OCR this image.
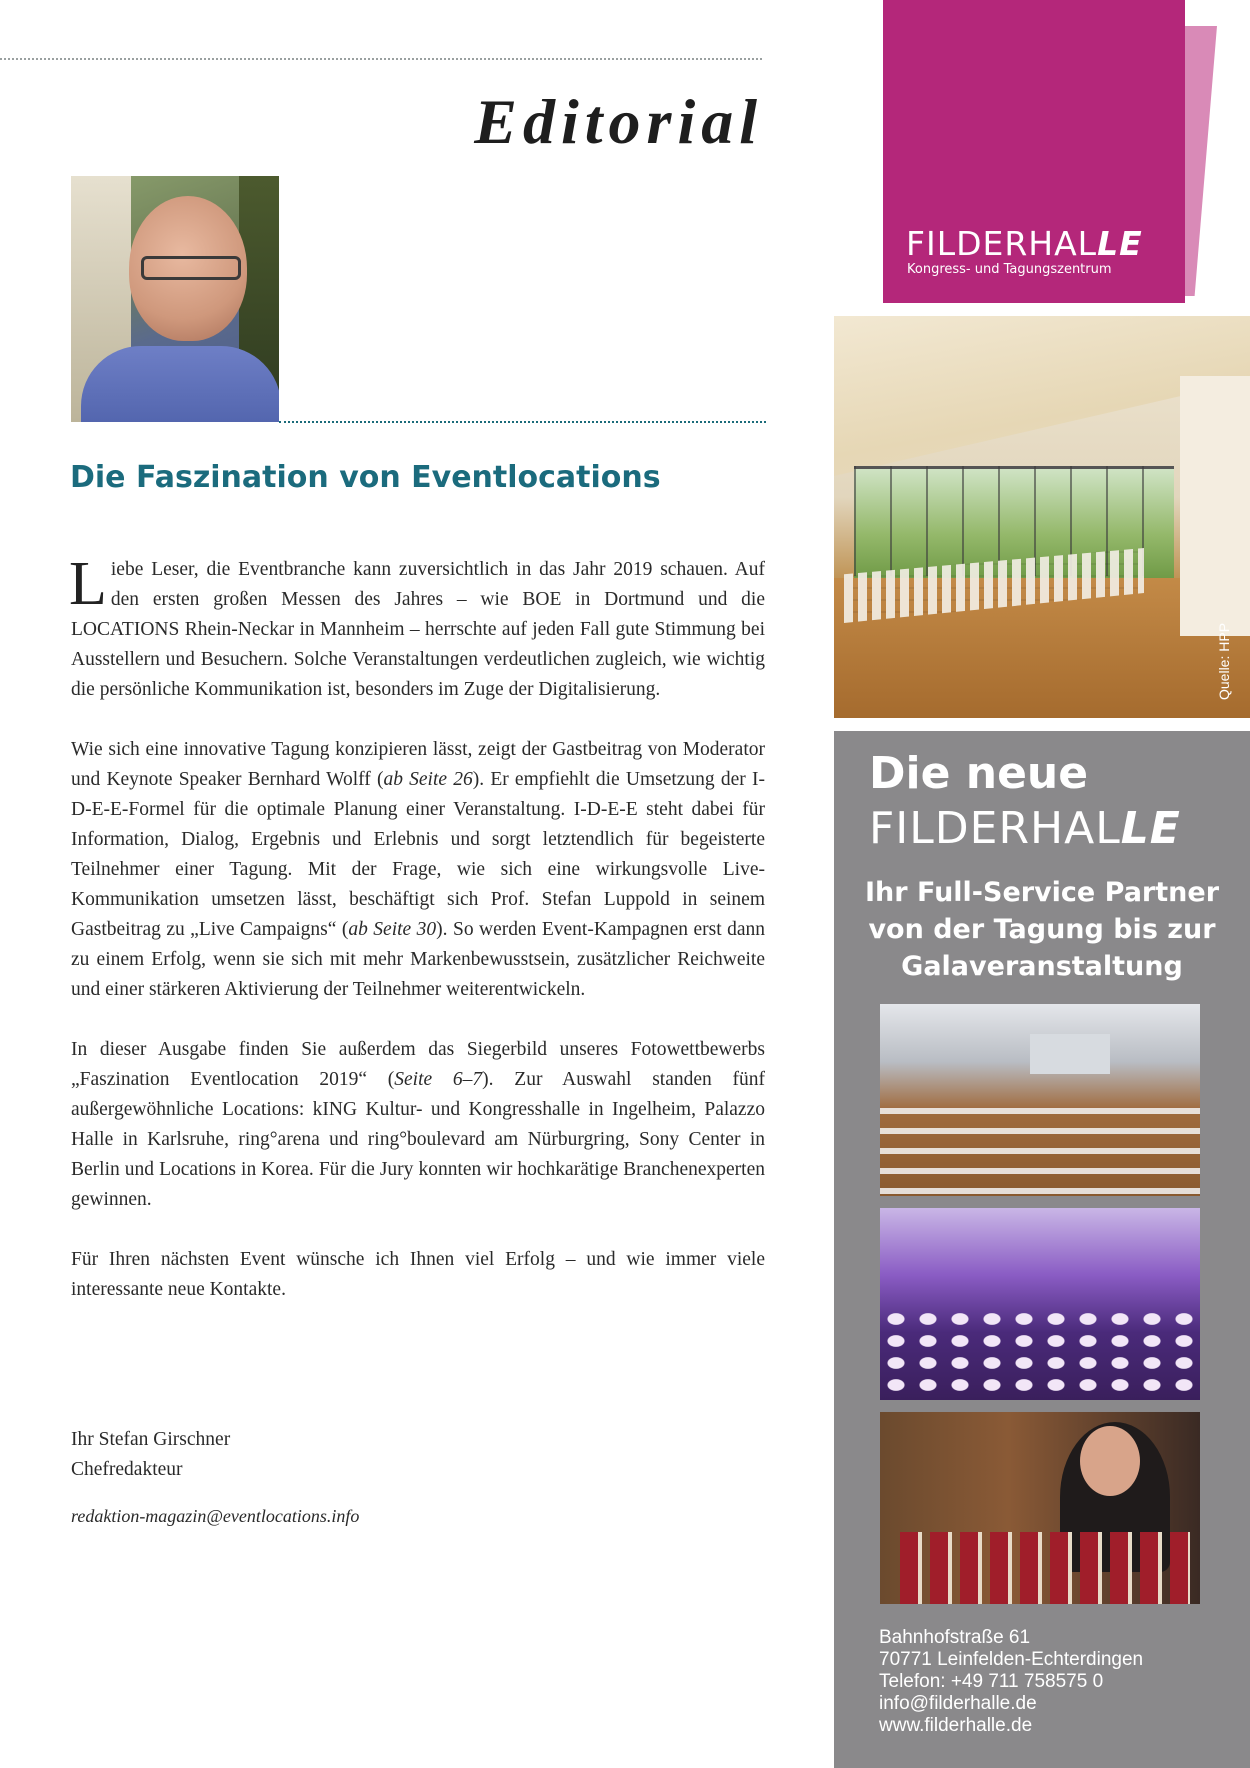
Editorial
Die Faszination von Eventlocations

Liebe Leser, die Eventbranche kann zuversichtlich in das Jahr 2019 schauen. Auf den ersten großen Messen des Jahres – wie BOE in Dortmund und die LOCATIONS Rhein-Neckar in Mannheim – herrschte auf jeden Fall gute Stimmung bei Ausstellern und Besuchern. Solche Veranstaltungen verdeutlichen zugleich, wie wichtig die persönliche Kommunikation ist, besonders im Zuge der Digitalisierung.

Wie sich eine innovative Tagung konzipieren lässt, zeigt der Gastbeitrag von Moderator und Keynote Speaker Bernhard Wolff (ab Seite 26). Er empfiehlt die Umsetzung der I-D-E-E-Formel für die optimale Planung einer Veranstaltung. I-D-E-E steht dabei für Information, Dialog, Ergebnis und Erlebnis und sorgt letztendlich für begeisterte Teilnehmer einer Tagung. Mit der Frage, wie sich eine wirkungsvolle Live-Kommunikation umsetzen lässt, beschäftigt sich Prof. Stefan Luppold in seinem Gastbeitrag zu „Live Campaigns“ (ab Seite 30). So werden Event-Kampagnen erst dann zu einem Erfolg, wenn sie sich mit mehr Markenbewusstsein, zusätzlicher Reichweite und einer stärkeren Aktivierung der Teilnehmer weiterentwickeln.

In dieser Ausgabe finden Sie außerdem das Siegerbild unseres Fotowettbewerbs „Faszination Eventlocation 2019“ (Seite 6–7). Zur Auswahl standen fünf außergewöhnliche Locations: kING Kultur- und Kongresshalle in Ingelheim, Palazzo Halle in Karlsruhe, ring°arena und ring°boulevard am Nürburgring, Sony Center in Berlin und Locations in Korea. Für die Jury konnten wir hochkarätige Branchenexperten gewinnen.

Für Ihren nächsten Event wünsche ich Ihnen viel Erfolg – und wie immer viele interessante neue Kontakte.

Ihr Stefan Girschner
Chefredakteur
redaktion-magazin@eventlocations.info
FILDERHALLE
Kongress- und Tagungszentrum
Quelle: HPP
Die neue
FILDERHALLE
Ihr Full-Service Partner von der Tagung bis zur Galaveranstaltung
Bahnhofstraße 61
70771 Leinfelden-Echterdingen
Telefon: +49 711 758575 0
info@filderhalle.de
www.filderhalle.de
